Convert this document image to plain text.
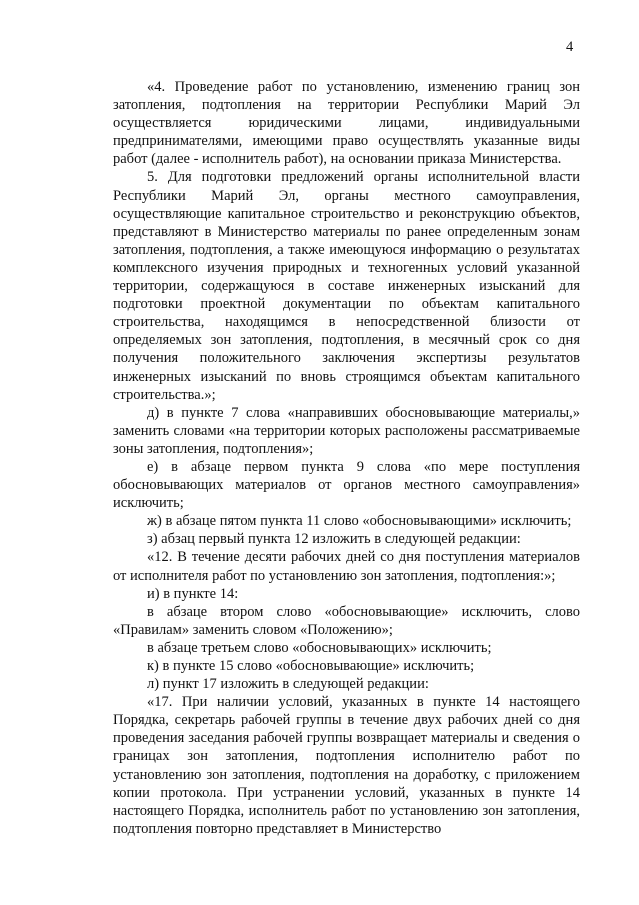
4

«4. Проведение работ по установлению, изменению границ зон затопления, подтопления на территории Республики Марий Эл осуществляется юридическими лицами, индивидуальными предпринимателями, имеющими право осуществлять указанные виды работ (далее - исполнитель работ), на основании приказа Министерства.

5. Для подготовки предложений органы исполнительной власти Республики Марий Эл, органы местного самоуправления, осуществляющие капитальное строительство и реконструкцию объектов, представляют в Министерство материалы по ранее определенным зонам затопления, подтопления, а также имеющуюся информацию о результатах комплексного изучения природных и техногенных условий указанной территории, содержащуюся в составе инженерных изысканий для подготовки проектной документации по объектам капитального строительства, находящимся в непосредственной близости от определяемых зон затопления, подтопления, в месячный срок со дня получения положительного заключения экспертизы результатов инженерных изысканий по вновь строящимся объектам капитального строительства.»;

д) в пункте 7 слова «направивших обосновывающие материалы,» заменить словами «на территории которых расположены рассматриваемые зоны затопления, подтопления»;

е) в абзаце первом пункта 9 слова «по мере поступления обосновывающих материалов от органов местного самоуправления» исключить;

ж) в абзаце пятом пункта 11 слово «обосновывающими» исключить;

з) абзац первый пункта 12 изложить в следующей редакции:

«12. В течение десяти рабочих дней со дня поступления материалов от исполнителя работ по установлению зон затопления, подтопления:»;

и) в пункте 14:

в абзаце втором слово «обосновывающие» исключить, слово «Правилам» заменить словом «Положению»;

в абзаце третьем слово «обосновывающих» исключить;

к) в пункте 15 слово «обосновывающие» исключить;

л) пункт 17 изложить в следующей редакции:

«17. При наличии условий, указанных в пункте 14 настоящего Порядка, секретарь рабочей группы в течение двух рабочих дней со дня проведения заседания рабочей группы возвращает материалы и сведения о границах зон затопления, подтопления исполнителю работ по установлению зон затопления, подтопления на доработку, с приложением копии протокола. При устранении условий, указанных в пункте 14 настоящего Порядка, исполнитель работ по установлению зон затопления, подтопления повторно представляет в Министерство
